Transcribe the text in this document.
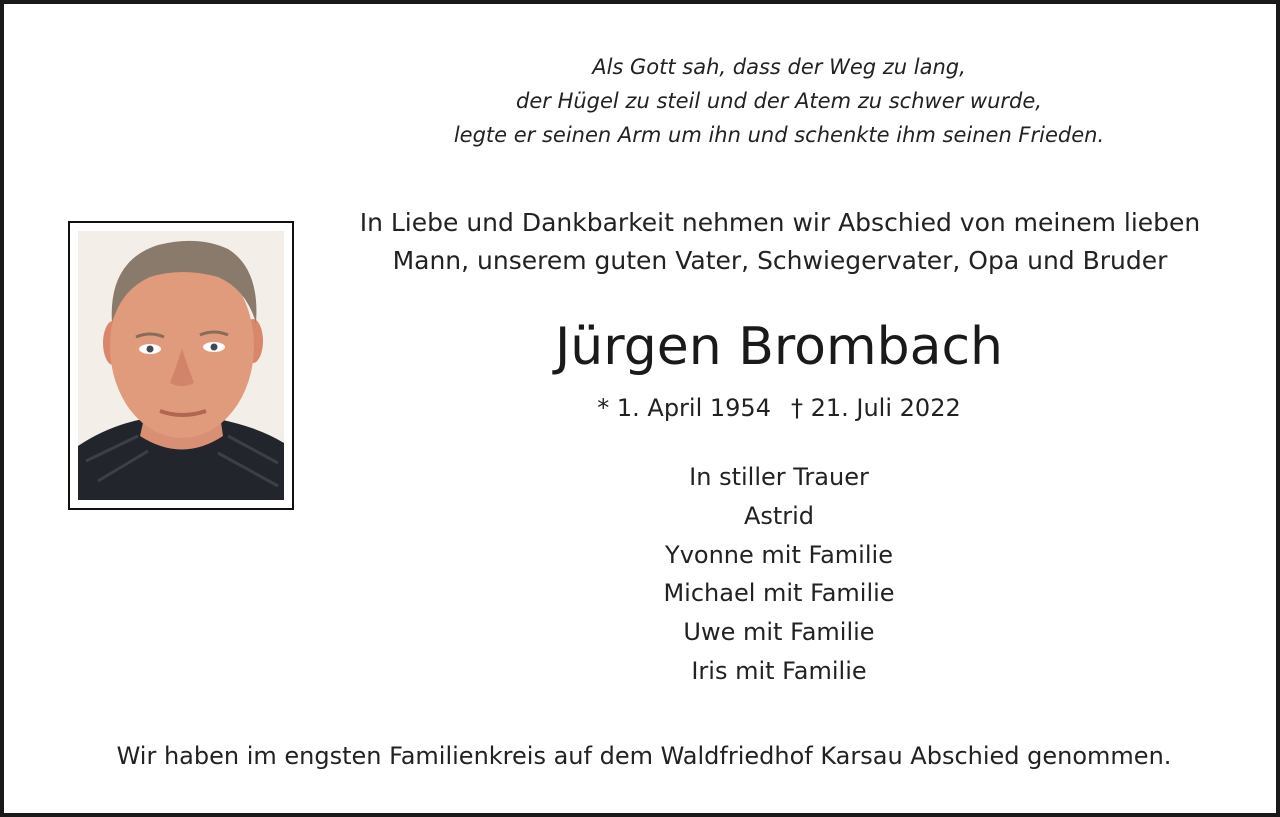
Als Gott sah, dass der Weg zu lang,
der Hügel zu steil und der Atem zu schwer wurde,
legte er seinen Arm um ihn und schenkte ihm seinen Frieden.
In Liebe und Dankbarkeit nehmen wir Abschied von meinem lieben
Mann, unserem guten Vater, Schwiegervater, Opa und Bruder
Jürgen Brombach
* 1. April 1954 † 21. Juli 2022
In stiller Trauer
Astrid
Yvonne mit Familie
Michael mit Familie
Uwe mit Familie
Iris mit Familie
Wir haben im engsten Familienkreis auf dem Waldfriedhof Karsau Abschied genommen.
